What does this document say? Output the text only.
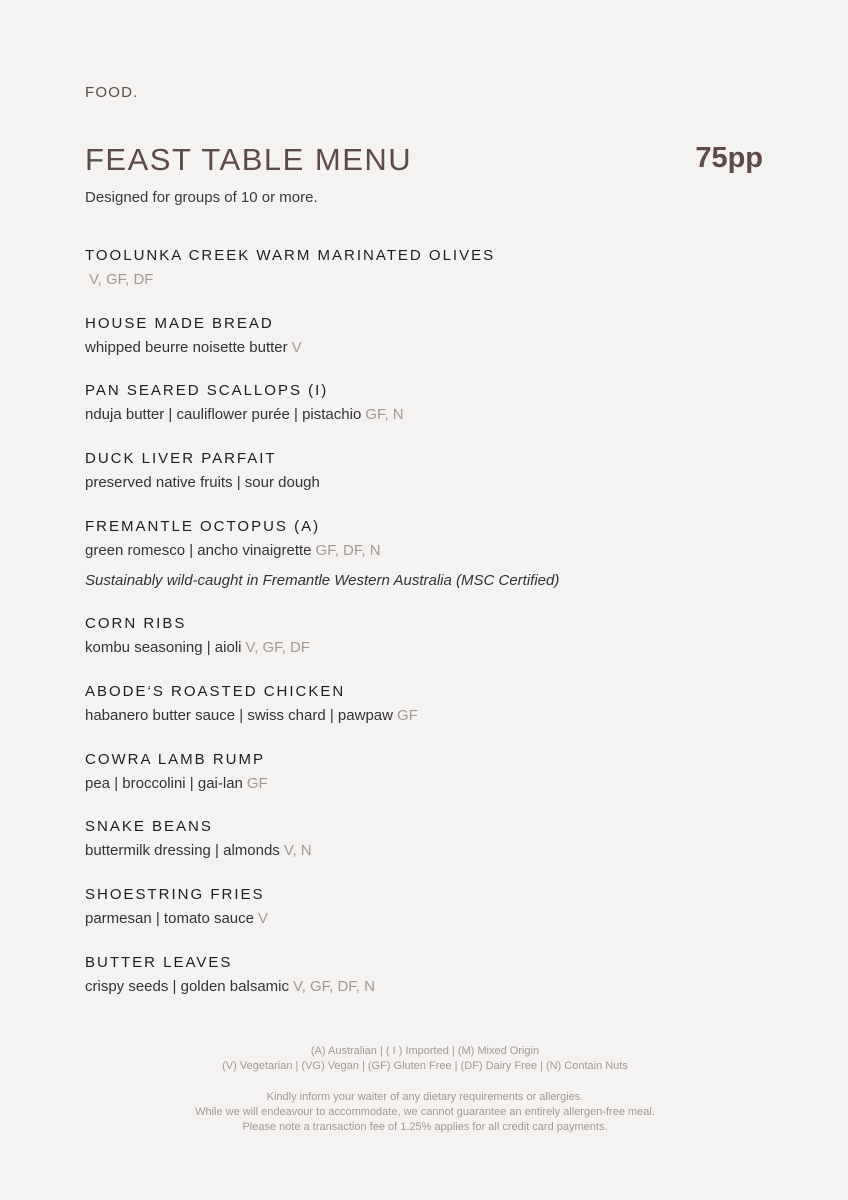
FOOD.
FEAST TABLE MENU	75pp
Designed for groups of 10 or more.
TOOLUNKA CREEK WARM MARINATED OLIVES
V, GF, DF
HOUSE MADE BREAD
whipped beurre noisette butter V
PAN SEARED SCALLOPS (I)
nduja butter | cauliflower purée | pistachio GF, N
DUCK LIVER PARFAIT
preserved native fruits | sour dough
FREMANTLE OCTOPUS (A)
green romesco | ancho vinaigrette GF, DF, N
Sustainably wild-caught in Fremantle Western Australia (MSC Certified)
CORN RIBS
kombu seasoning | aioli V, GF, DF
ABODE‘S ROASTED CHICKEN
habanero butter sauce | swiss chard | pawpaw GF
COWRA LAMB RUMP
pea | broccolini | gai-lan GF
SNAKE BEANS
buttermilk dressing | almonds V, N
SHOESTRING FRIES
parmesan | tomato sauce V
BUTTER LEAVES
crispy seeds | golden balsamic V, GF, DF, N
(A) Australian | ( I ) Imported | (M) Mixed Origin
(V) Vegetarian | (VG) Vegan | (GF) Gluten Free | (DF) Dairy Free | (N) Contain Nuts
Kindly inform your waiter of any dietary requirements or allergies.
While we will endeavour to accommodate, we cannot guarantee an entirely allergen-free meal.
Please note a transaction fee of 1.25% applies for all credit card payments.
